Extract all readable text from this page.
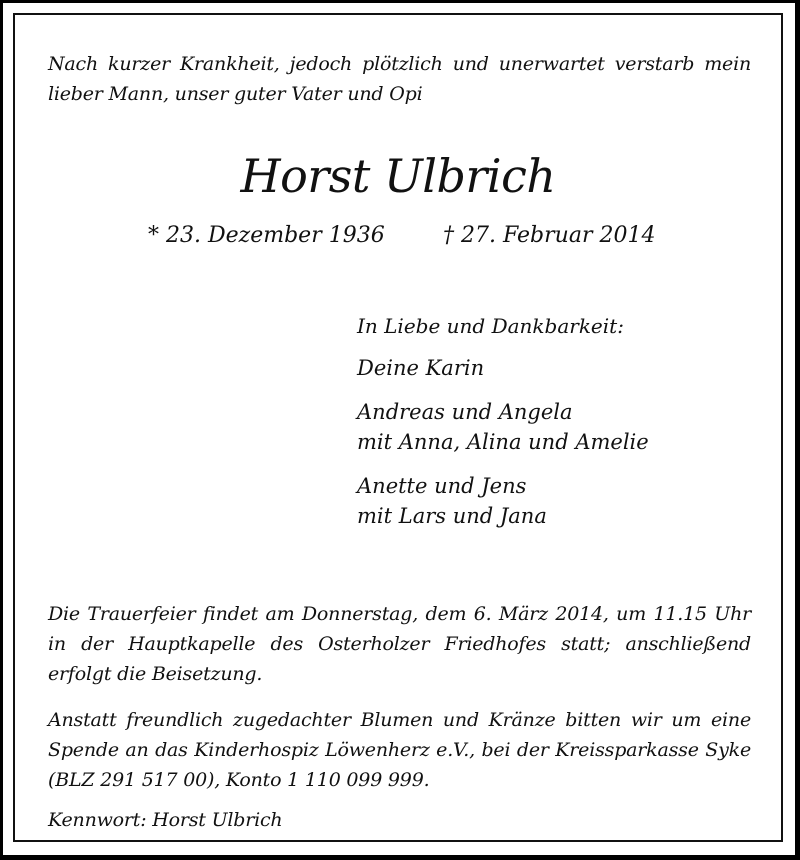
Nach kurzer Krankheit, jedoch plötzlich und unerwartet verstarb mein lieber Mann, unser guter Vater und Opi
Horst Ulbrich
* 23. Dezember 1936	† 27. Februar 2014
In Liebe und Dankbarkeit:
Deine Karin
Andreas und Angela
mit Anna, Alina und Amelie
Anette und Jens
mit Lars und Jana
Die Trauerfeier findet am Donnerstag, dem 6. März 2014, um 11.15 Uhr in der Hauptkapelle des Osterholzer Friedhofes statt; anschließend erfolgt die Beisetzung.
Anstatt freundlich zugedachter Blumen und Kränze bitten wir um eine Spende an das Kinderhospiz Löwenherz e.V., bei der Kreissparkasse Syke (BLZ 291 517 00), Konto 1 110 099 999.
Kennwort: Horst Ulbrich
